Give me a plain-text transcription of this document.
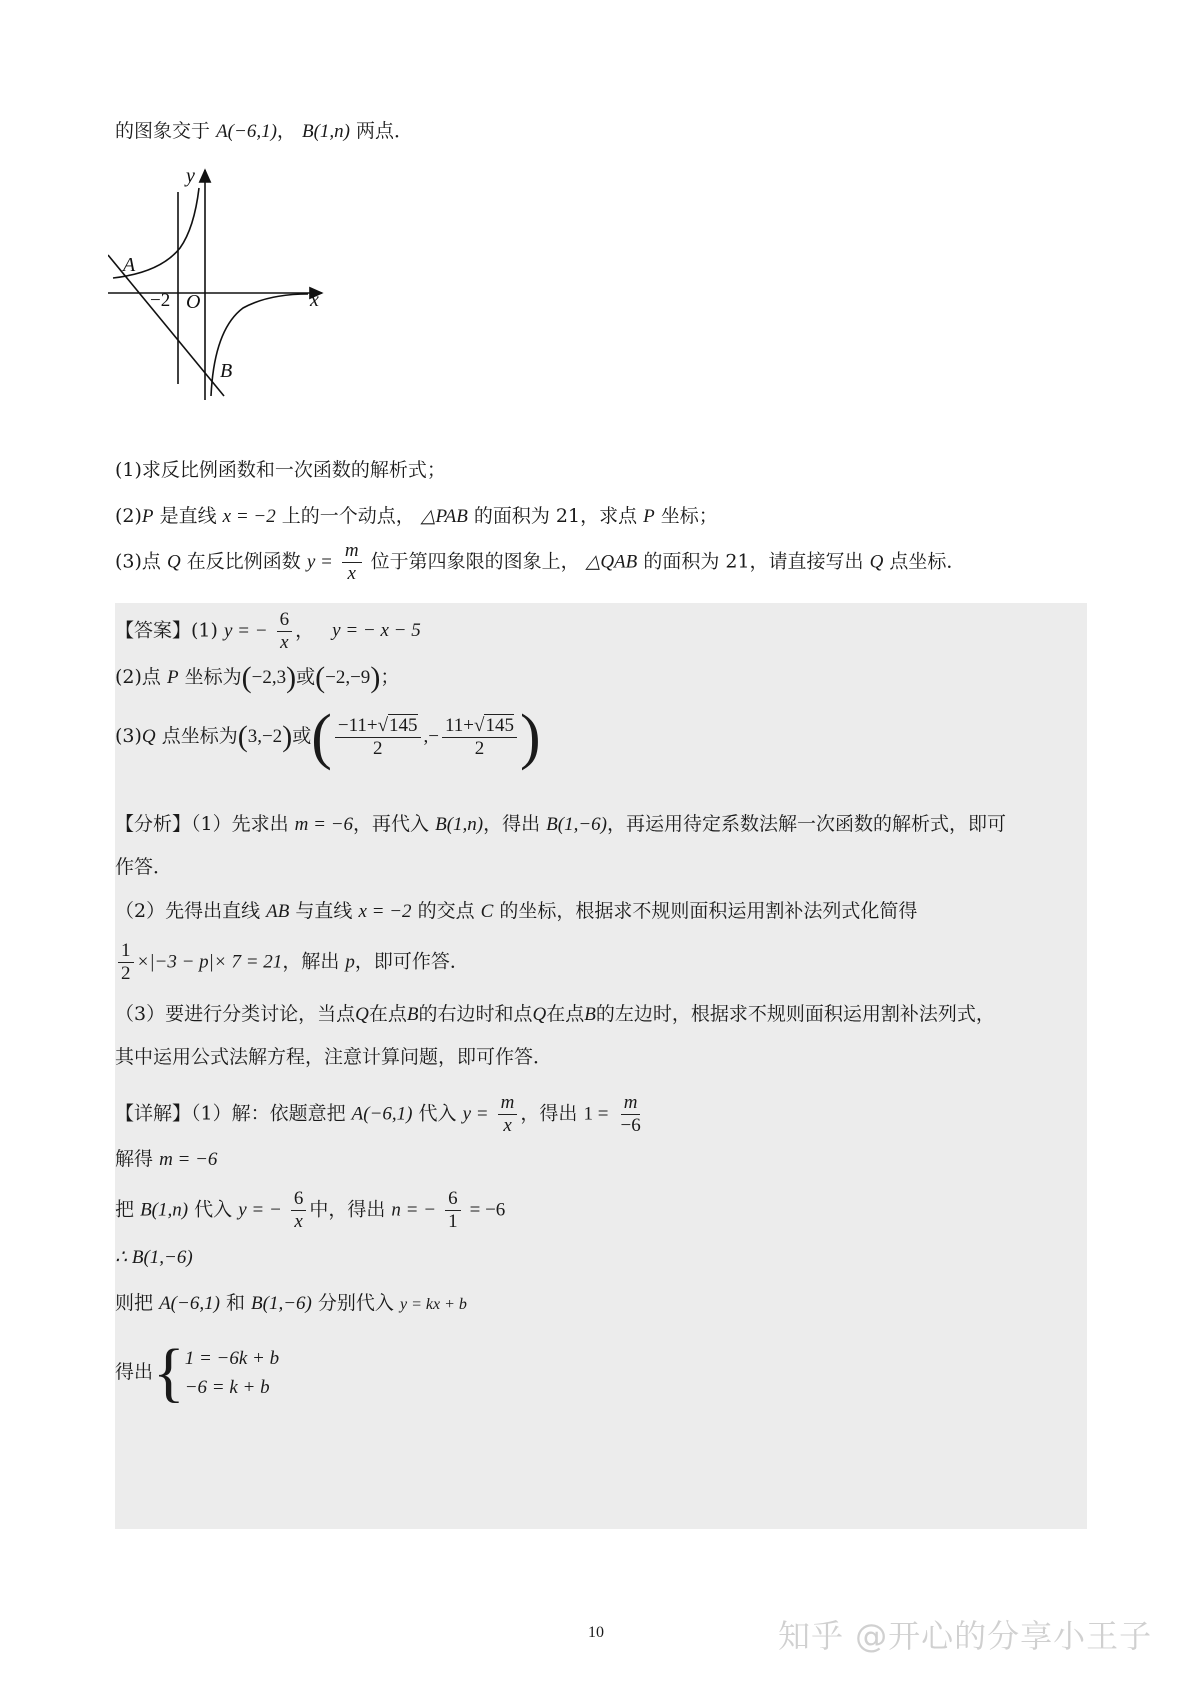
的图象交于 A(−6,1)， B(1,n) 两点．
y
x
O
−2
A
B
(1)求反比例函数和一次函数的解析式；
(2)P 是直线 x = −2 上的一个动点， △PAB 的面积为 21，求点 P 坐标；
(3)点 Q 在反比例函数 $y = \frac{m}{x}$ 位于第四象限的图象上， △QAB 的面积为 21，请直接写出 Q 点坐标．
【答案】(1) y = − $\frac{6}{x}$ ， y = − x − 5
(2)点 P 坐标为(−2,3)或(−2,−9)；
(3)Q 点坐标为(3,−2)或( $\frac{-11+√145}{2}$ ,− $\frac{11+√145}{2}$ )
【分析】（1）先求出 m = −6，再代入 B(1,n)，得出 B(1,−6)，再运用待定系数法解一次函数的解析式，即可
作答．
（2）先得出直线 AB 与直线 x = −2 的交点 C 的坐标，根据求不规则面积运用割补法列式化简得
$\frac{1}{2} \times|-3 - p|\times 7 = 21$，解出 p，即可作答．
（3）要进行分类讨论，当点Q在点B的右边时和点Q在点B的左边时，根据求不规则面积运用割补法列式，
其中运用公式法解方程，注意计算问题，即可作答．
【详解】（1）解：依题意把 A(−6,1) 代入 $y = \frac{m}{x}$ ，得出 $1 = \frac{m}{-6}$
解得 m = −6
把 B(1,n) 代入 y = − $\frac{6}{x}$ 中，得出 n = − $\frac{6}{1} = -6$
∴ B(1,−6)
则把 A(−6,1) 和 B(1,−6) 分别代入 y = kx + b
得出{ 1 = −6k + b
−6 = k + b
10	知乎 @开心的分享小王子
